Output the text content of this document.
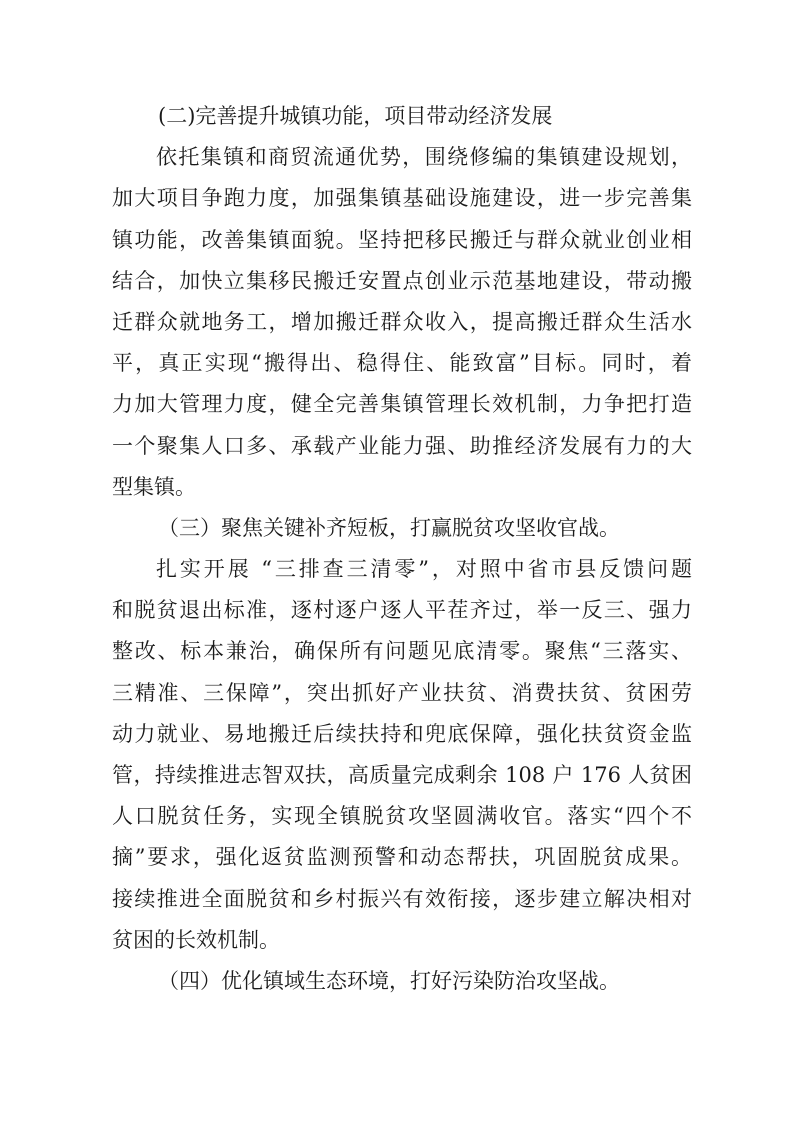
(二)完善提升城镇功能，项目带动经济发展
依托集镇和商贸流通优势，围绕修编的集镇建设规划，
加大项目争跑力度，加强集镇基础设施建设，进一步完善集
镇功能，改善集镇面貌。坚持把移民搬迁与群众就业创业相
结合，加快立集移民搬迁安置点创业示范基地建设，带动搬
迁群众就地务工，增加搬迁群众收入，提高搬迁群众生活水
平，真正实现“搬得出、稳得住、能致富”目标。同时，着
力加大管理力度，健全完善集镇管理长效机制，力争把打造
一个聚集人口多、承载产业能力强、助推经济发展有力的大
型集镇。
（三）聚焦关键补齐短板，打赢脱贫攻坚收官战。
扎实开展 “三排查三清零”，对照中省市县反馈问题
和脱贫退出标准，逐村逐户逐人平茬齐过，举一反三、强力
整改、标本兼治，确保所有问题见底清零。聚焦“三落实、
三精准、三保障”，突出抓好产业扶贫、消费扶贫、贫困劳
动力就业、易地搬迁后续扶持和兜底保障，强化扶贫资金监
管，持续推进志智双扶，高质量完成剩余 108 户 176 人贫困
人口脱贫任务，实现全镇脱贫攻坚圆满收官。落实“四个不
摘”要求，强化返贫监测预警和动态帮扶，巩固脱贫成果。
接续推进全面脱贫和乡村振兴有效衔接，逐步建立解决相对
贫困的长效机制。
（四）优化镇域生态环境，打好污染防治攻坚战。
